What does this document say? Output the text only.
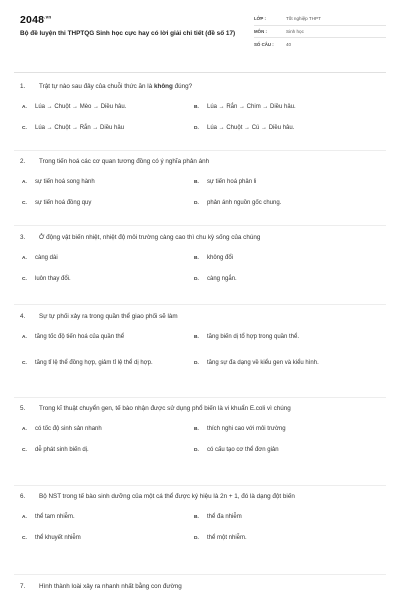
$2048^{.vn}$
Bộ đề luyện thi THPTQG Sinh học cực hay có lời giải chi tiết (đề số 17)
LỚP :	Tốt nghiệp THPT
MÔN :	Sinh học
SỐ CÂU :	40
1.	Trật tự nào sau đây của chuỗi thức ăn là không đúng?
A.	Lúa → Chuột → Mèo → Diều hâu.	B.	Lúa → Rắn → Chim → Diều hâu.
C.	Lúa → Chuột → Rắn → Diều hâu	D.	Lúa → Chuột → Cú → Diều hâu.
2.	Trong tiến hoá các cơ quan tương đồng có ý nghĩa phản ánh
A.	sự tiến hoá song hành	B.	sự tiến hoá phân li
C.	sự tiến hoá đồng quy	D.	phản ánh nguồn gốc chung.
3.	Ở động vật biến nhiệt, nhiệt độ môi trường càng cao thì chu kỳ sống của chúng
A.	càng dài	B.	không đổi
C.	luôn thay đổi.	D.	càng ngắn.
4.	Sự tự phối xảy ra trong quần thể giao phối sẽ làm
A.	tăng tốc độ tiến hoá của quần thể	B.	tăng biến dị tổ hợp trong quần thể.
C.	tăng tỉ lệ thể đồng hợp, giảm tỉ lệ thể dị hợp.	D.	tăng sự đa dạng về kiểu gen và kiểu hình.
5.	Trong kĩ thuật chuyển gen, tế bào nhận được sử dụng phổ biến là vi khuẩn E.coli vì chúng
A.	có tốc độ sinh sản nhanh	B.	thích nghi cao với môi trường
C.	dễ phát sinh biến dị.	D.	có cấu tạo cơ thể đơn giản
6.	Bộ NST trong tế bào sinh dưỡng của một cá thể được ký hiệu là 2n + 1, đó là dạng đột biến
A.	thể tam nhiễm.	B.	thể đa nhiễm
C.	thể khuyết nhiễm	D.	thể một nhiễm.
7.	Hình thành loài xảy ra nhanh nhất bằng con đường
